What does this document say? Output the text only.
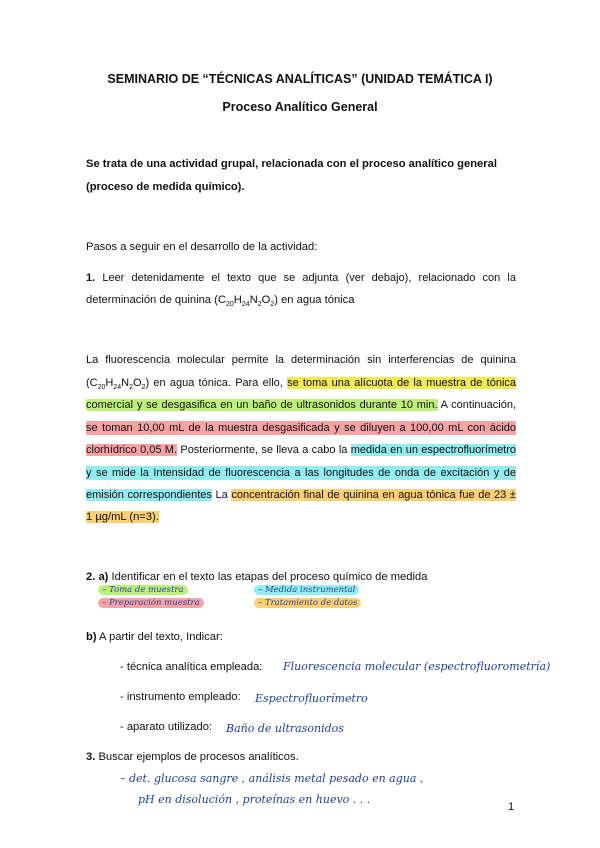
SEMINARIO DE “TÉCNICAS ANALÍTICAS” (UNIDAD TEMÁTICA I)
Proceso Analítico General
Se trata de una actividad grupal, relacionada con el proceso analítico general
(proceso de medida químico).
Pasos a seguir en el desarrollo de la actividad:
1. Leer detenidamente el texto que se adjunta (ver debajo), relacionado con la
determinación de quinina $(C_{20}H_{24}N_2O_2)$ en agua tónica
La fluorescencia molecular permite la determinación sin interferencias de quinina
$(C_{20}H_{24}N_2O_2)$ en agua tónica. Para ello, se toma una alícuota de la muestra de tónica
comercial y se desgasifica en un baño de ultrasonidos durante 10 min. A continuación,
se toman 10,00 mL de la muestra desgasificada y se diluyen a 100,00 mL con ácido
clorhídrico 0,05 M. Posteriormente, se lleva a cabo la medida en un espectrofluorímetro
y se mide la Intensidad de fluorescencia a las longitudes de onda de excitación y de
emisión correspondientes La concentración final de quinina en agua tónica fue de 23 ±
1 µg/mL (n=3).
2. a) Identificar en el texto las etapas del proceso químico de medida
– Toma de muestra
– Preparación muestra
– Medida instrumental
– Tratamiento de datos
b) A partir del texto, Indicar:
- técnica analítica empleada: Fluorescencia molecular (espectrofluorometría)
- instrumento empleado: Espectrofluorímetro
- aparato utilizado: Baño de ultrasonidos
3. Buscar ejemplos de procesos analíticos.
– det. glucosa sangre , análisis metal pesado en agua ,
pH en disolución , proteínas en huevo . . .
1
